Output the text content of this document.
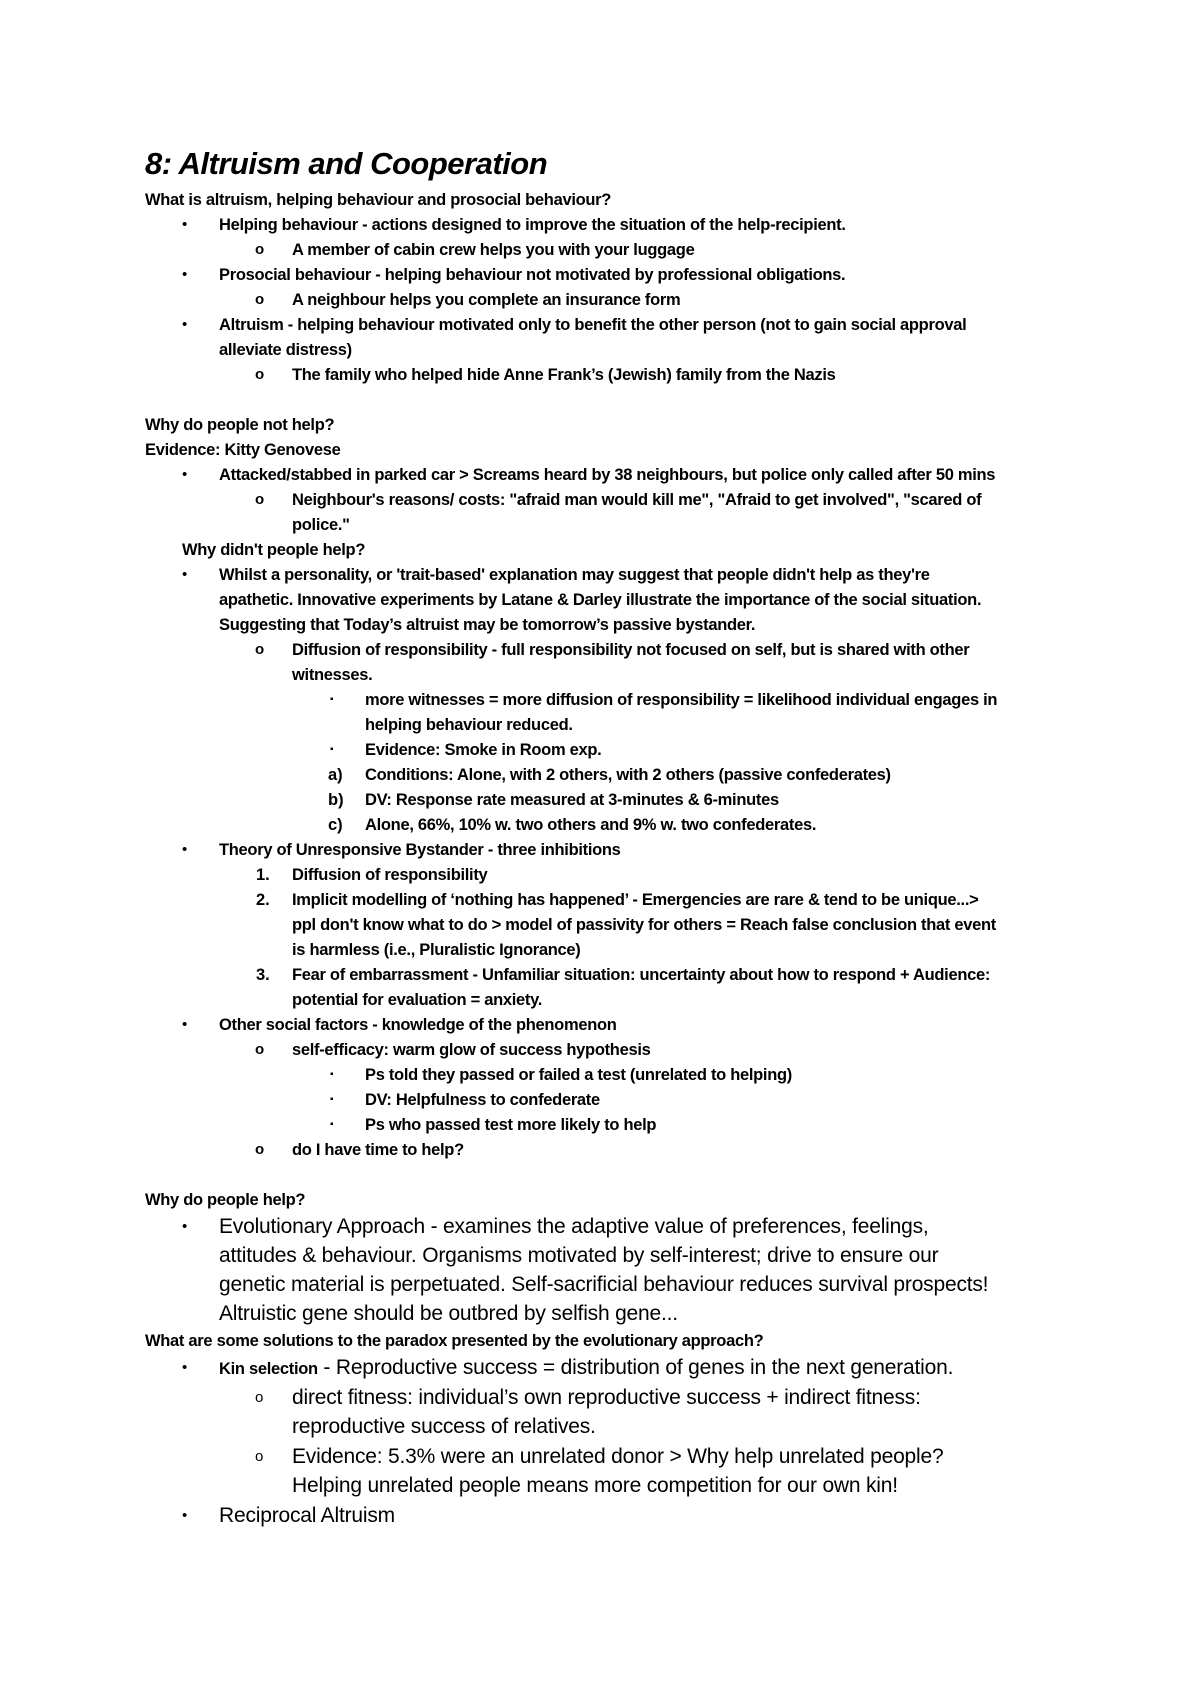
8: Altruism and Cooperation
What is altruism, helping behaviour and prosocial behaviour?
• Helping behaviour - actions designed to improve the situation of the help-recipient.
o A member of cabin crew helps you with your luggage
• Prosocial behaviour - helping behaviour not motivated by professional obligations.
o A neighbour helps you complete an insurance form
• Altruism - helping behaviour motivated only to benefit the other person (not to gain social approval
alleviate distress)
o The family who helped hide Anne Frank’s (Jewish) family from the Nazis
Why do people not help?
Evidence: Kitty Genovese
• Attacked/stabbed in parked car > Screams heard by 38 neighbours, but police only called after 50 mins
o Neighbour's reasons/ costs: "afraid man would kill me", "Afraid to get involved", "scared of
police."
Why didn't people help?
• Whilst a personality, or 'trait-based' explanation may suggest that people didn't help as they're
apathetic. Innovative experiments by Latane & Darley illustrate the importance of the social situation.
Suggesting that Today’s altruist may be tomorrow’s passive bystander.
o Diffusion of responsibility - full responsibility not focused on self, but is shared with other
witnesses.
▪ more witnesses = more diffusion of responsibility = likelihood individual engages in
helping behaviour reduced.
▪ Evidence: Smoke in Room exp.
a) Conditions: Alone, with 2 others, with 2 others (passive confederates)
b) DV: Response rate measured at 3-minutes & 6-minutes
c) Alone, 66%, 10% w. two others and 9% w. two confederates.
• Theory of Unresponsive Bystander - three inhibitions
1. Diffusion of responsibility
2. Implicit modelling of ‘nothing has happened’ - Emergencies are rare & tend to be unique...>
ppl don't know what to do > model of passivity for others = Reach false conclusion that event
is harmless (i.e., Pluralistic Ignorance)
3. Fear of embarrassment - Unfamiliar situation: uncertainty about how to respond + Audience:
potential for evaluation = anxiety.
• Other social factors - knowledge of the phenomenon
o self-efficacy: warm glow of success hypothesis
▪ Ps told they passed or failed a test (unrelated to helping)
▪ DV: Helpfulness to confederate
▪ Ps who passed test more likely to help
o do I have time to help?
Why do people help?
• Evolutionary Approach - examines the adaptive value of preferences, feelings,
attitudes & behaviour. Organisms motivated by self-interest; drive to ensure our
genetic material is perpetuated. Self-sacrificial behaviour reduces survival prospects!
Altruistic gene should be outbred by selfish gene...
What are some solutions to the paradox presented by the evolutionary approach?
• Kin selection - Reproductive success = distribution of genes in the next generation.
o direct fitness: individual’s own reproductive success + indirect fitness:
reproductive success of relatives.
o Evidence: 5.3% were an unrelated donor > Why help unrelated people?
Helping unrelated people means more competition for our own kin!
• Reciprocal Altruism
